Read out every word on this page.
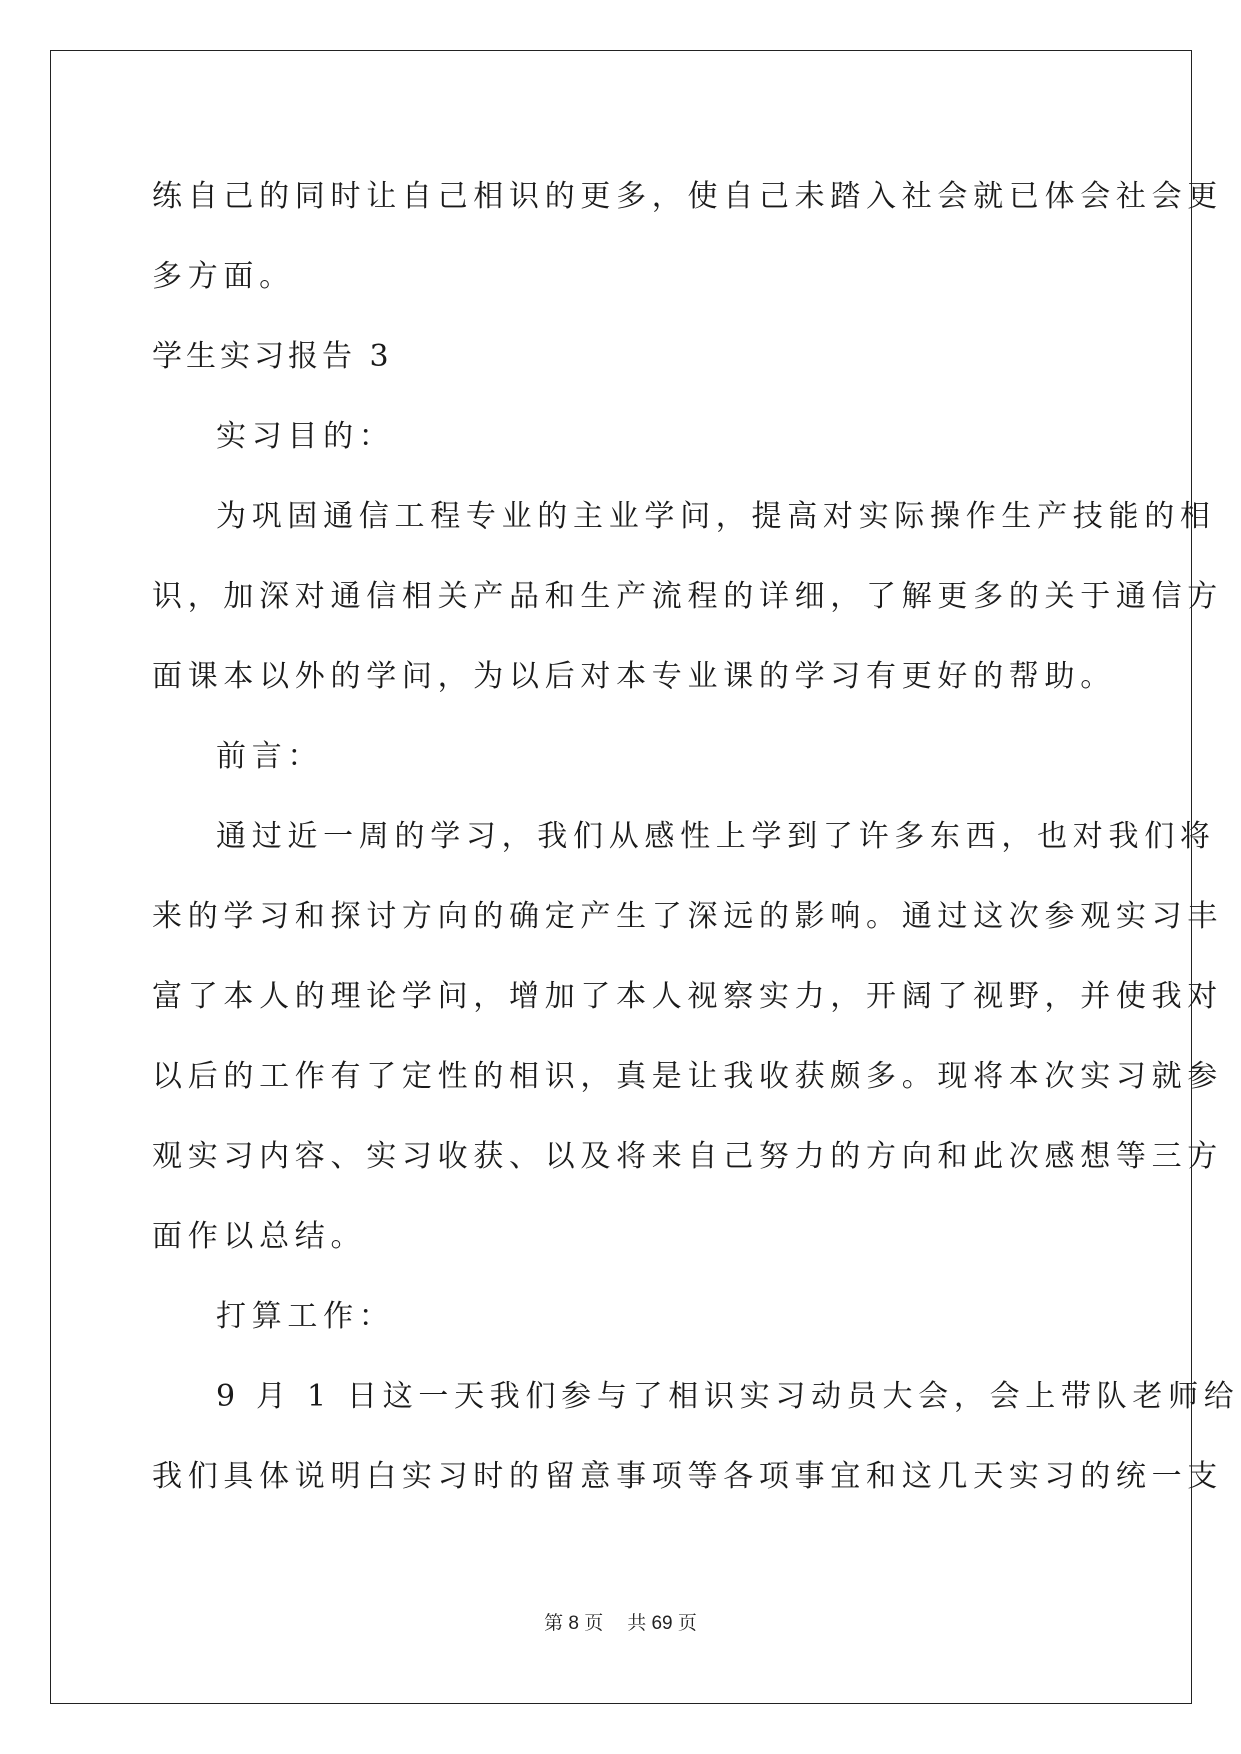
练自己的同时让自己相识的更多，使自己未踏入社会就已体会社会更
多方面。
学生实习报告 3
实习目的：
为巩固通信工程专业的主业学问，提高对实际操作生产技能的相
识，加深对通信相关产品和生产流程的详细，了解更多的关于通信方
面课本以外的学问，为以后对本专业课的学习有更好的帮助。
前言：
通过近一周的学习，我们从感性上学到了许多东西，也对我们将
来的学习和探讨方向的确定产生了深远的影响。通过这次参观实习丰
富了本人的理论学问，增加了本人视察实力，开阔了视野，并使我对
以后的工作有了定性的相识，真是让我收获颇多。现将本次实习就参
观实习内容、实习收获、以及将来自己努力的方向和此次感想等三方
面作以总结。
打算工作：
9 月 1 日这一天我们参与了相识实习动员大会，会上带队老师给
我们具体说明白实习时的留意事项等各项事宜和这几天实习的统一支
第 8 页 共 69 页
